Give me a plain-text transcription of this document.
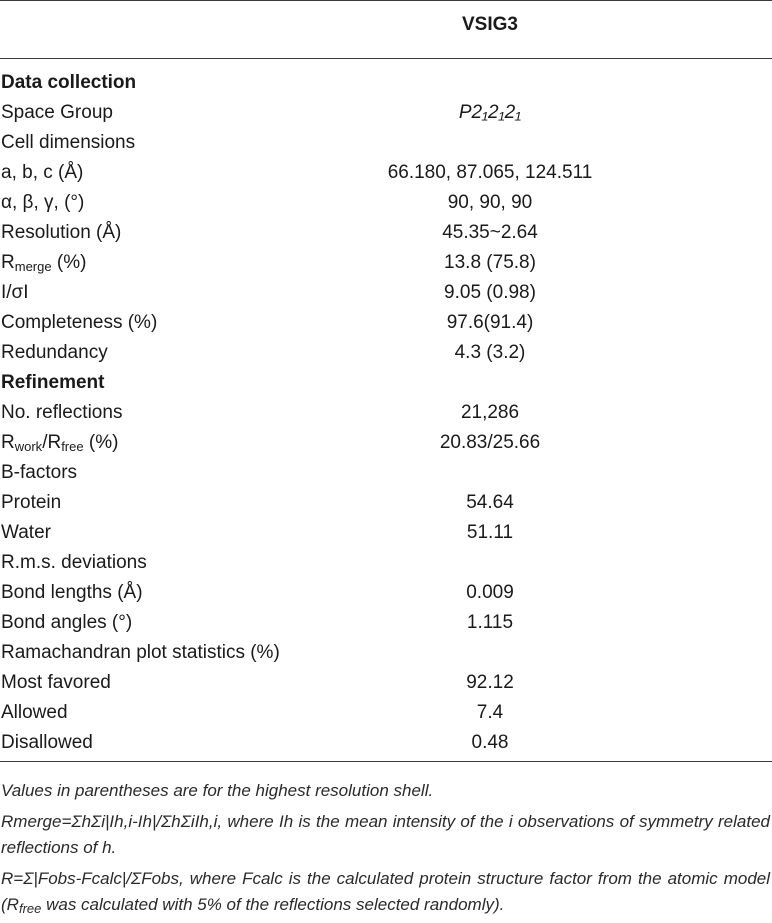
VSIG3
Data collection
Space Group	P2₁2₁2₁
Cell dimensions
a, b, c (Å)	66.180, 87.065, 124.511
α, β, γ, (°)	90, 90, 90
Resolution (Å)	45.35~2.64
$R_{merge}$ (%)	13.8 (75.8)
I/σI	9.05 (0.98)
Completeness (%)	97.6(91.4)
Redundancy	4.3 (3.2)
Refinement
No. reflections	21,286
$R_{work}/R_{free}$ (%)	20.83/25.66
B-factors
Protein	54.64
Water	51.11
R.m.s. deviations
Bond lengths (Å)	0.009
Bond angles (°)	1.115
Ramachandran plot statistics (%)
Most favored	92.12
Allowed	7.4
Disallowed	0.48

Values in parentheses are for the highest resolution shell.

Rmerge=ΣhΣi|Ih,i-Ih|/ΣhΣiIh,i, where Ih is the mean intensity of the i observations of symmetry related reflections of h.

R=Σ|Fobs-Fcalc|/ΣFobs, where Fcalc is the calculated protein structure factor from the atomic model ($R_{free}$ was calculated with 5% of the reflections selected randomly).
